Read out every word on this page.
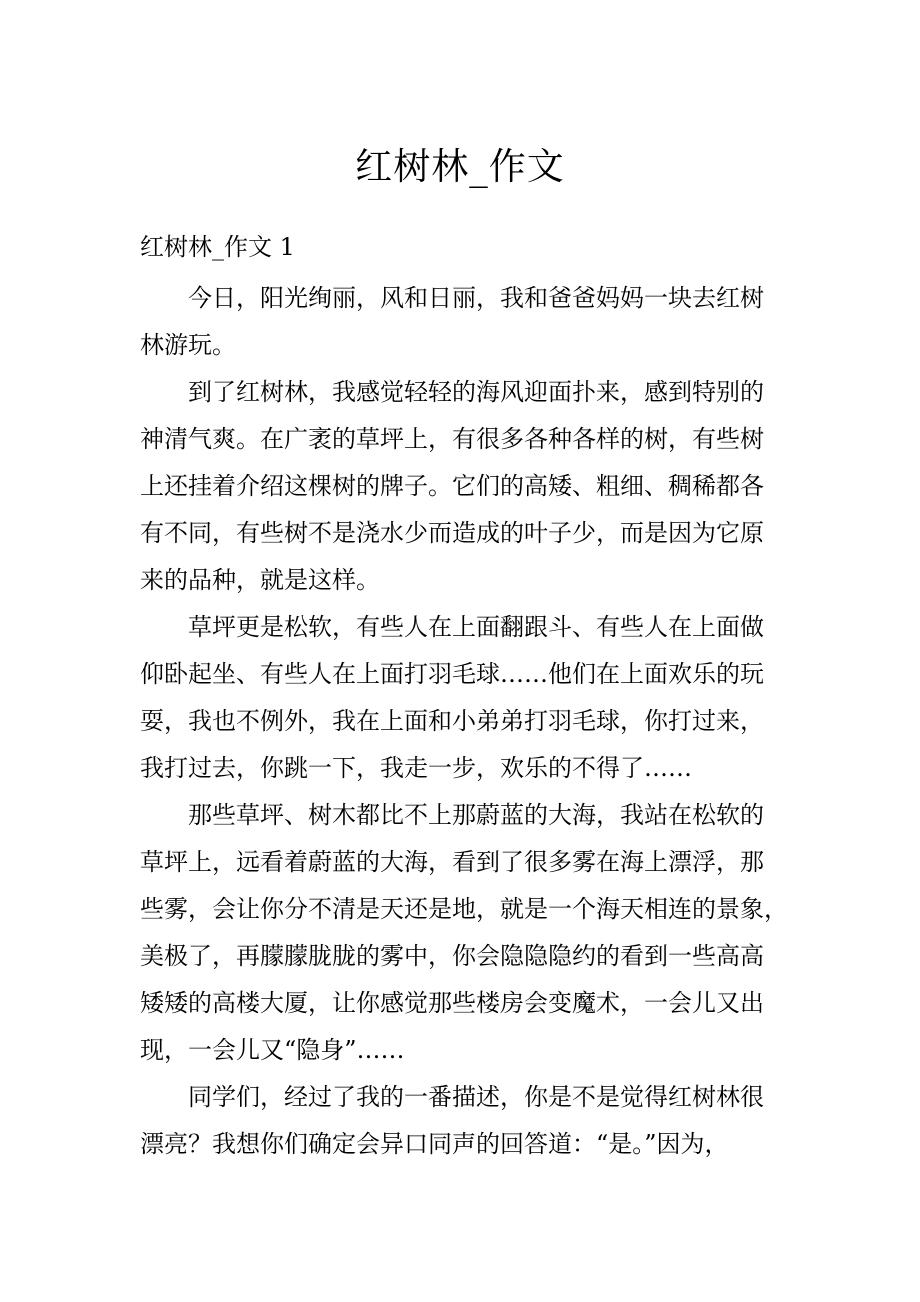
红树林_作文
红树林_作文 1
今日，阳光绚丽，风和日丽，我和爸爸妈妈一块去红树
林游玩。
到了红树林，我感觉轻轻的海风迎面扑来，感到特别的
神清气爽。在广袤的草坪上，有很多各种各样的树，有些树
上还挂着介绍这棵树的牌子。它们的高矮、粗细、稠稀都各
有不同，有些树不是浇水少而造成的叶子少，而是因为它原
来的品种，就是这样。
草坪更是松软，有些人在上面翻跟斗、有些人在上面做
仰卧起坐、有些人在上面打羽毛球……他们在上面欢乐的玩
耍，我也不例外，我在上面和小弟弟打羽毛球，你打过来，
我打过去，你跳一下，我走一步，欢乐的不得了……
那些草坪、树木都比不上那蔚蓝的大海，我站在松软的
草坪上，远看着蔚蓝的大海，看到了很多雾在海上漂浮，那
些雾，会让你分不清是天还是地，就是一个海天相连的景象，
美极了，再朦朦胧胧的雾中，你会隐隐隐约的看到一些高高
矮矮的高楼大厦，让你感觉那些楼房会变魔术，一会儿又出
现，一会儿又“隐身”……
同学们，经过了我的一番描述，你是不是觉得红树林很
漂亮？我想你们确定会异口同声的回答道：“是。”因为，
